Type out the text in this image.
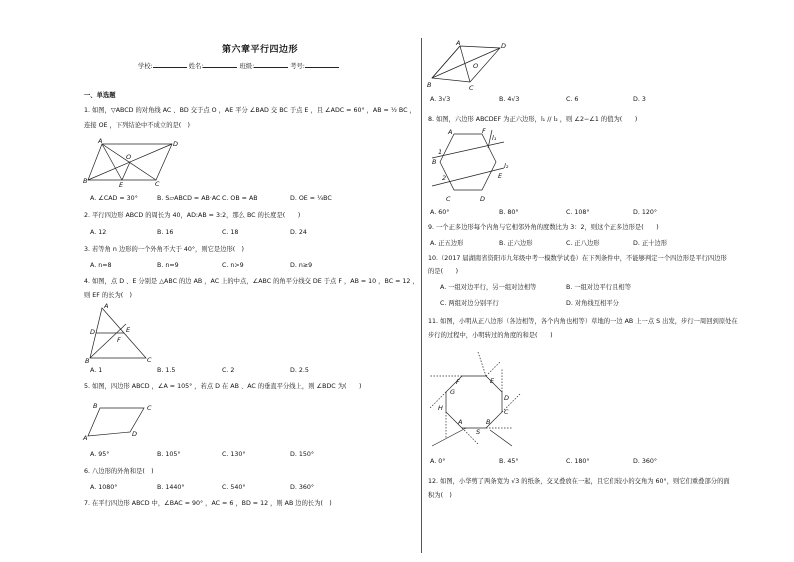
第六章平行四边形
学校:	姓名:	班级:	考号:
一、单选题
1. 如图，▽ABCD 的对角线 AC 、BD 交于点 O ，AE 平分 ∠BAD 交 BC 于点 E ，且 ∠ADC = 60° ，AB = ½ BC ，
连接 OE ，下列结论中不成立的是(　)
A	D
O
B	E	C
A. ∠CAD = 30°	B. S▱ABCD = AB·AC C. OB = AB	D. OE = ¼BC
2. 平行四边形 ABCD 的周长为 40，AD:AB = 3:2，那么 BC 的长度是(　　)
A. 12	B. 16	C. 18	D. 24
3. 若等角 n 边形的一个外角不大于 40°，则它是边形(　)
A. n=8	B. n=9	C. n>9	D. n≥9
4. 如图，点 D 、E 分别是 △ABC 的边 AB ，AC 上的中点，∠ABC 的角平分线交 DE 于点 F ，AB = 10 ，BC = 12 ，
则 EF 的长为(　)
A
D	E
F
B	C
A. 1	B. 1.5	C. 2	D. 2.5
5. 如图，四边形 ABCD ，∠A = 105° ，若点 D 在 AB 、AC 的垂直平分线上，则 ∠BDC 为(　　)
B	C
A	D
A. 95°	B. 105°	C. 130°	D. 150°
6. 八边形的外角和是(　)
A. 1080°	B. 1440°	C. 540°	D. 360°
7. 在平行四边形 ABCD 中，∠BAC = 90° ，AC = 6 ，BD = 12 ，则 AB 边的长为(　)
A	D
O
B	C
A. 3√3	B. 4√3	C. 6	D. 3
8. 如图，六边形 ABCDEF 为正六边形，l₁ // l₂ ，则 ∠2−∠1 的值为(　　)
A	F
B
E
C	D
l₁
l₂
1
2
A. 60°	B. 80°	C. 108°	D. 120°
9. 一个正多边形每个内角与它相邻外角的度数比为 3：2，则这个正多边形是(　　)
A. 正五边形	B. 正六边形	C. 正八边形	D. 正十边形
10.（2017 届湖南省资阳市九年级中考一模数学试卷）在下列条件中，不能够判定一个四边形是平行四边形
的是(　　)
A. 一组对边平行，另一组对边相等	B. 一组对边平行且相等
C. 两组对边分别平行	D. 对角线互相平分
11. 如图，小明从正八边形（各边相等，各个内角也相等）草地的一边 AB 上一点 S 出发，步行一周回到原处在
步行的过程中，小明转过的角度的和是(　　)
F	E
G
D
H	C
A
S
B
A. 0°	B. 45°	C. 180°	D. 360°
12. 如图，小华剪了两条宽为 √3 的纸条，交叉叠放在一起，且它们较小的交角为 60°，则它们重叠部分的面
积为(　)
